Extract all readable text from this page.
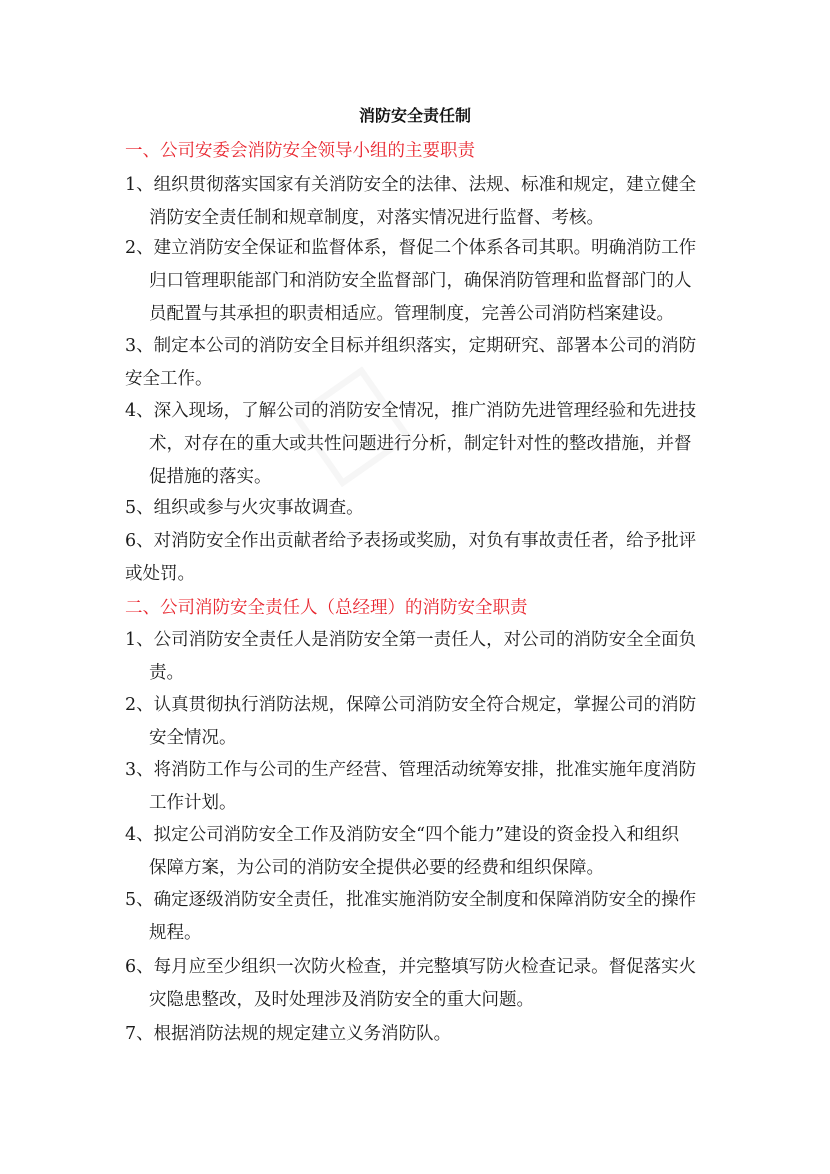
消防安全责任制
一、公司安委会消防安全领导小组的主要职责

1、组织贯彻落实国家有关消防安全的法律、法规、标准和规定，建立健全

消防安全责任制和规章制度，对落实情况进行监督、考核。

2、建立消防安全保证和监督体系，督促二个体系各司其职。明确消防工作

归口管理职能部门和消防安全监督部门，确保消防管理和监督部门的人

员配置与其承担的职责相适应。管理制度，完善公司消防档案建设。

3、制定本公司的消防安全目标并组织落实，定期研究、部署本公司的消防

安全工作。

4、深入现场，了解公司的消防安全情况，推广消防先进管理经验和先进技

术，对存在的重大或共性问题进行分析，制定针对性的整改措施，并督

促措施的落实。

5、组织或参与火灾事故调查。

6、对消防安全作出贡献者给予表扬或奖励，对负有事故责任者，给予批评

或处罚。

二、公司消防安全责任人（总经理）的消防安全职责

1、公司消防安全责任人是消防安全第一责任人，对公司的消防安全全面负

责。

2、认真贯彻执行消防法规，保障公司消防安全符合规定，掌握公司的消防

安全情况。

3、将消防工作与公司的生产经营、管理活动统筹安排，批准实施年度消防

工作计划。

4、拟定公司消防安全工作及消防安全“四个能力”建设的资金投入和组织

保障方案，为公司的消防安全提供必要的经费和组织保障。

5、确定逐级消防安全责任，批准实施消防安全制度和保障消防安全的操作

规程。

6、每月应至少组织一次防火检查，并完整填写防火检查记录。督促落实火

灾隐患整改，及时处理涉及消防安全的重大问题。

7、根据消防法规的规定建立义务消防队。
